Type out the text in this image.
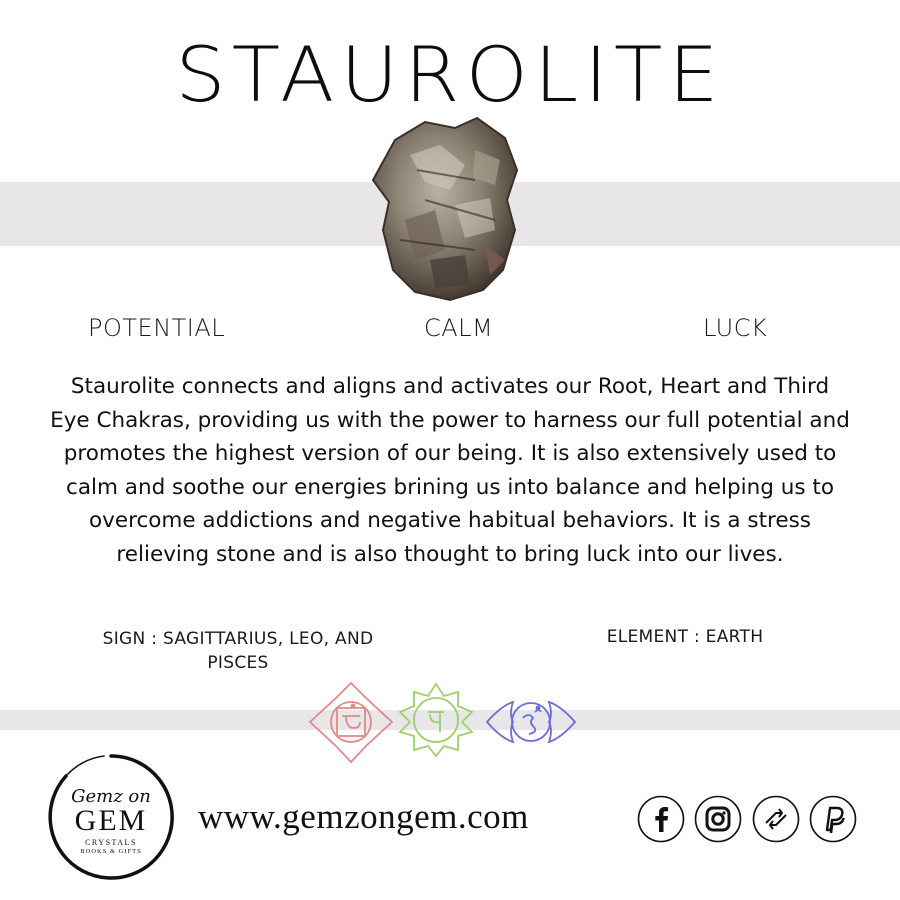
STAUROLITE
POTENTIAL	CALM	LUCK
Staurolite connects and aligns and activates our Root, Heart and Third Eye Chakras, providing us with the power to harness our full potential and promotes the highest version of our being. It is also extensively used to calm and soothe our energies brining us into balance and helping us to overcome addictions and negative habitual behaviors. It is a stress relieving stone and is also thought to bring luck into our lives.
SIGN : SAGITTARIUS, LEO, AND PISCES
ELEMENT : EARTH
Gemz on
GEM
CRYSTALS
BOOKS & GIFTS
www.gemzongem.com
